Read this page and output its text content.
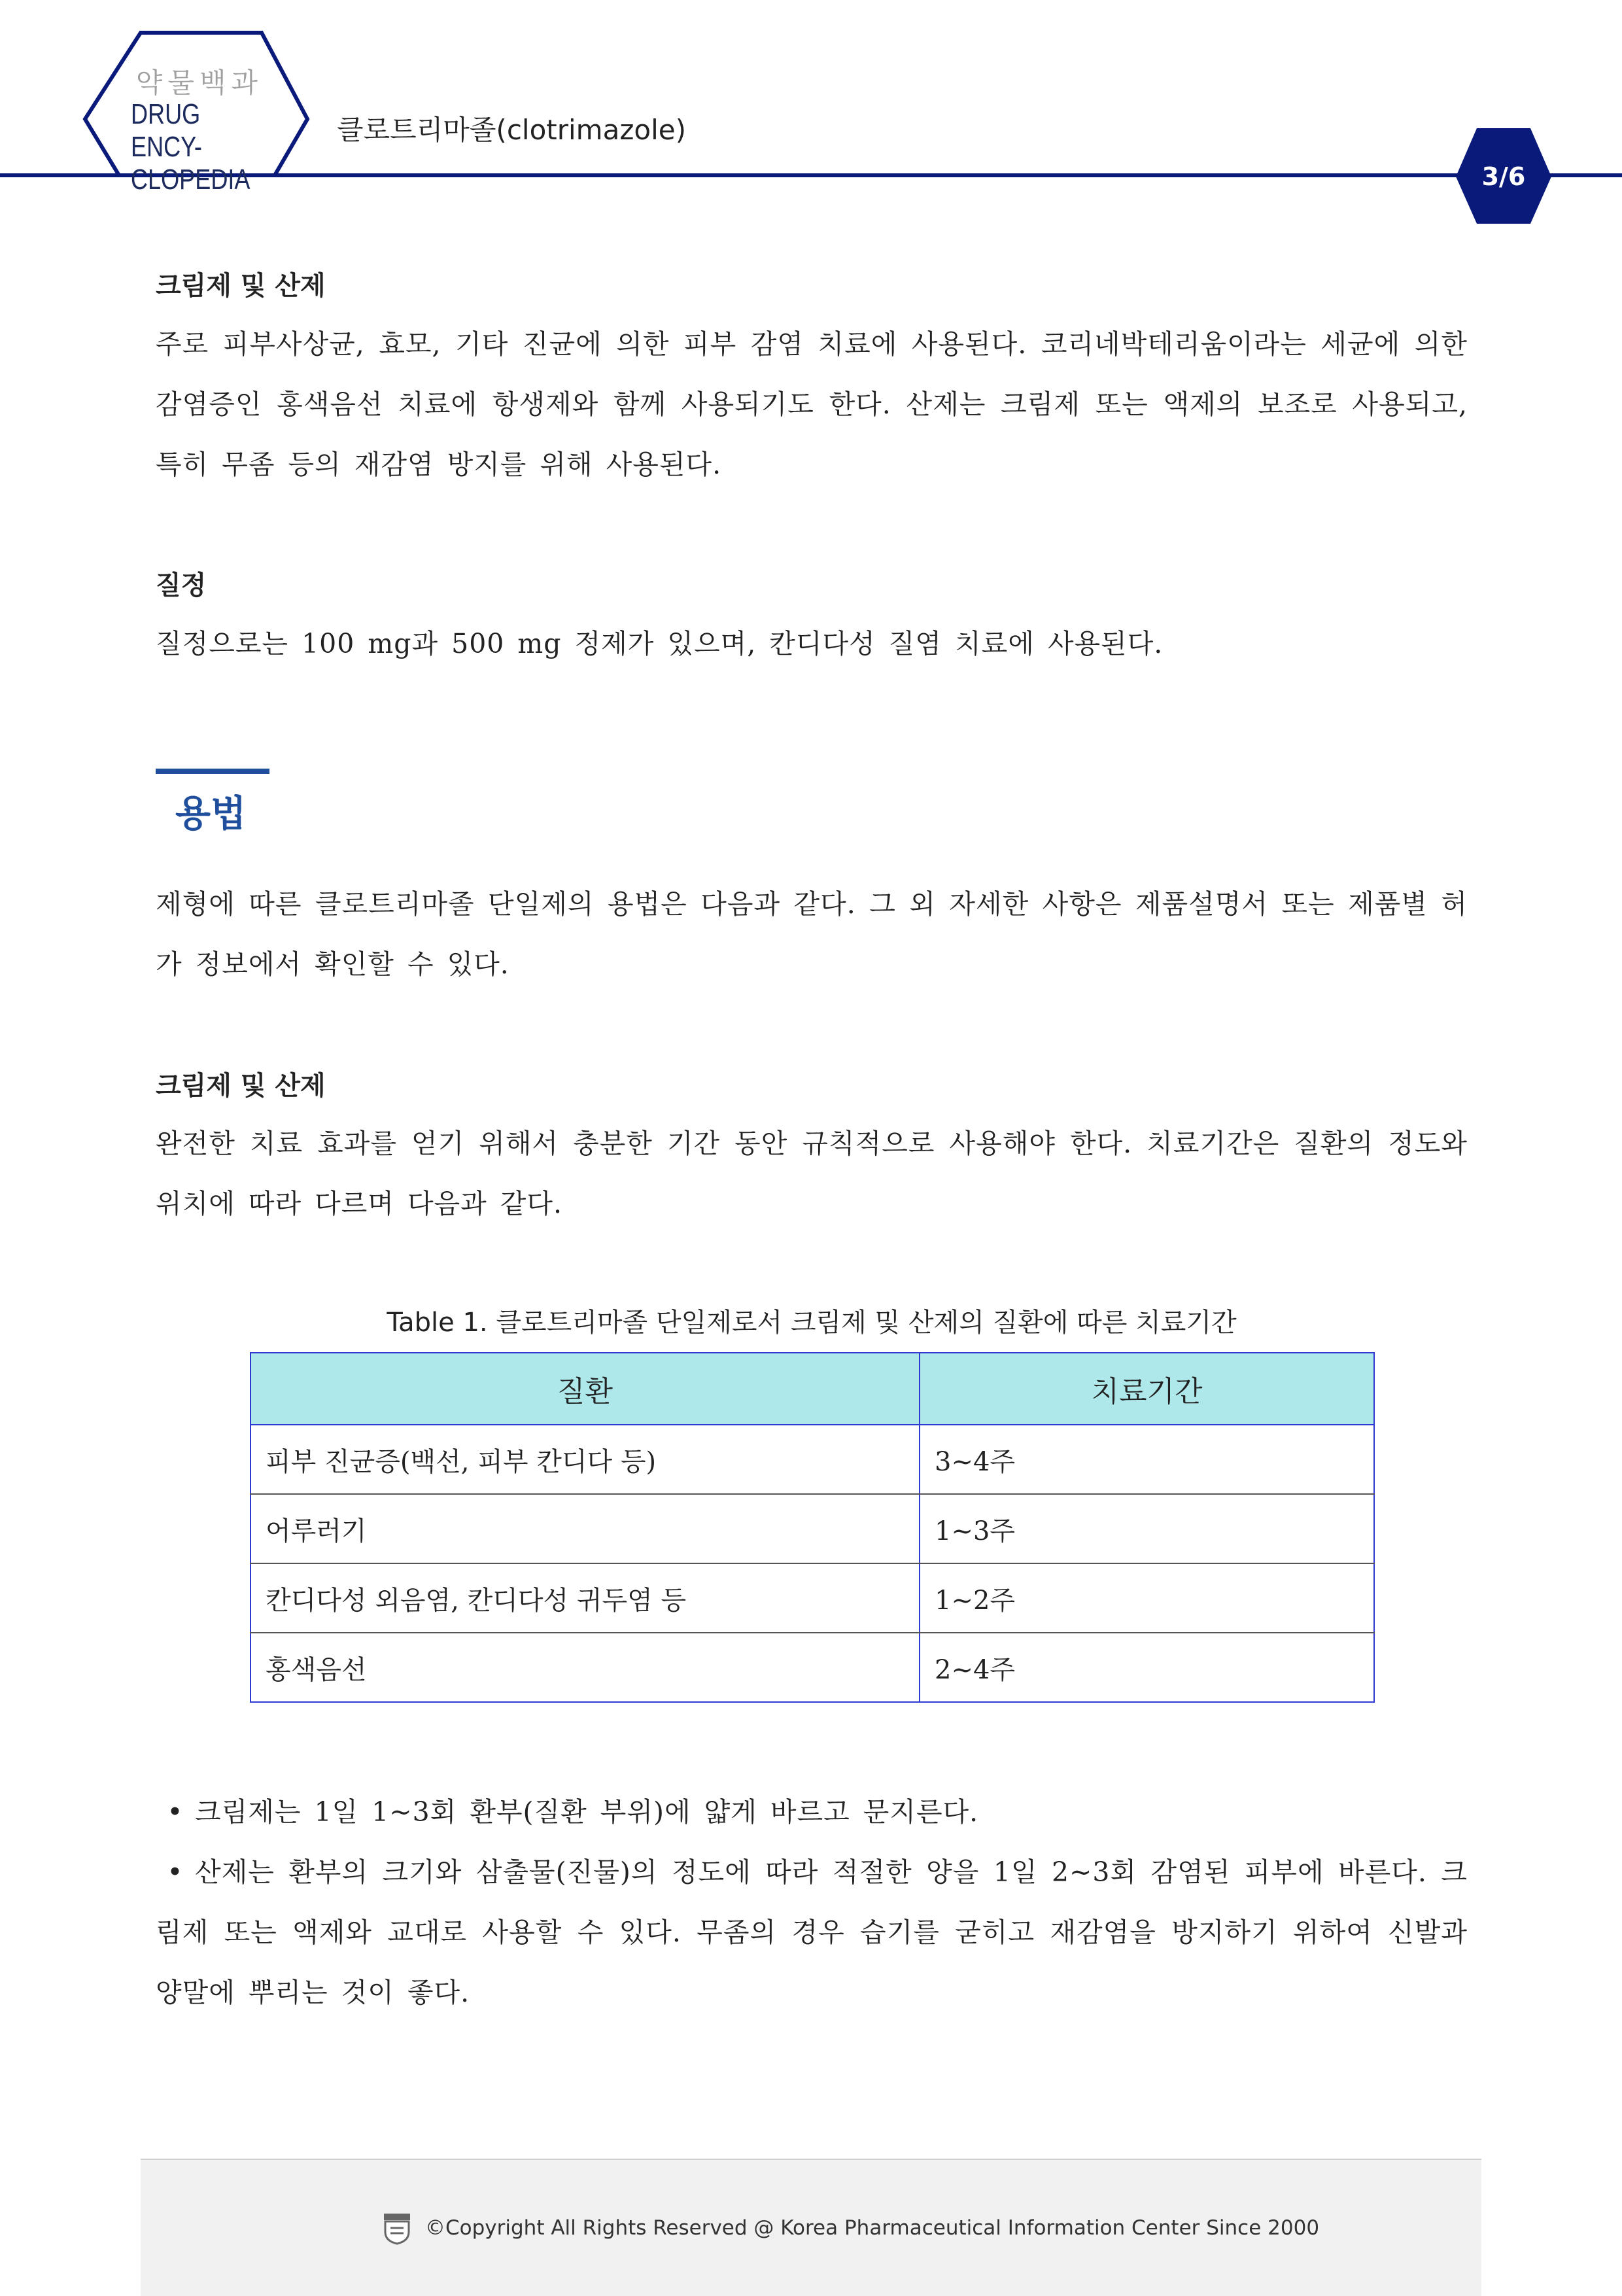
약물백과
DRUG ENCY-
CLOPEDIA
클로트리마졸(clotrimazole)
3/6
크림제 및 산제
주로 피부사상균, 효모, 기타 진균에 의한 피부 감염 치료에 사용된다. 코리네박테리움이라는 세균에 의한 감염증인 홍색음선 치료에 항생제와 함께 사용되기도 한다. 산제는 크림제 또는 액제의 보조로 사용되고, 특히 무좀 등의 재감염 방지를 위해 사용된다.
질정
질정으로는 100 mg과 500 mg 정제가 있으며, 칸디다성 질염 치료에 사용된다.
용법
제형에 따른 클로트리마졸 단일제의 용법은 다음과 같다. 그 외 자세한 사항은 제품설명서 또는 제품별 허가 정보에서 확인할 수 있다.
크림제 및 산제
완전한 치료 효과를 얻기 위해서 충분한 기간 동안 규칙적으로 사용해야 한다. 치료기간은 질환의 정도와 위치에 따라 다르며 다음과 같다.
Table 1. 클로트리마졸 단일제로서 크림제 및 산제의 질환에 따른 치료기간
질환	치료기간
피부 진균증(백선, 피부 칸디다 등)	3~4주
어루러기	1~3주
칸디다성 외음염, 칸디다성 귀두염 등	1~2주
홍색음선	2~4주
• 크림제는 1일 1~3회 환부(질환 부위)에 얇게 바르고 문지른다.
• 산제는 환부의 크기와 삼출물(진물)의 정도에 따라 적절한 양을 1일 2~3회 감염된 피부에 바른다. 크림제 또는 액제와 교대로 사용할 수 있다. 무좀의 경우 습기를 굳히고 재감염을 방지하기 위하여 신발과 양말에 뿌리는 것이 좋다.
©Copyright All Rights Reserved @ Korea Pharmaceutical Information Center Since 2000
